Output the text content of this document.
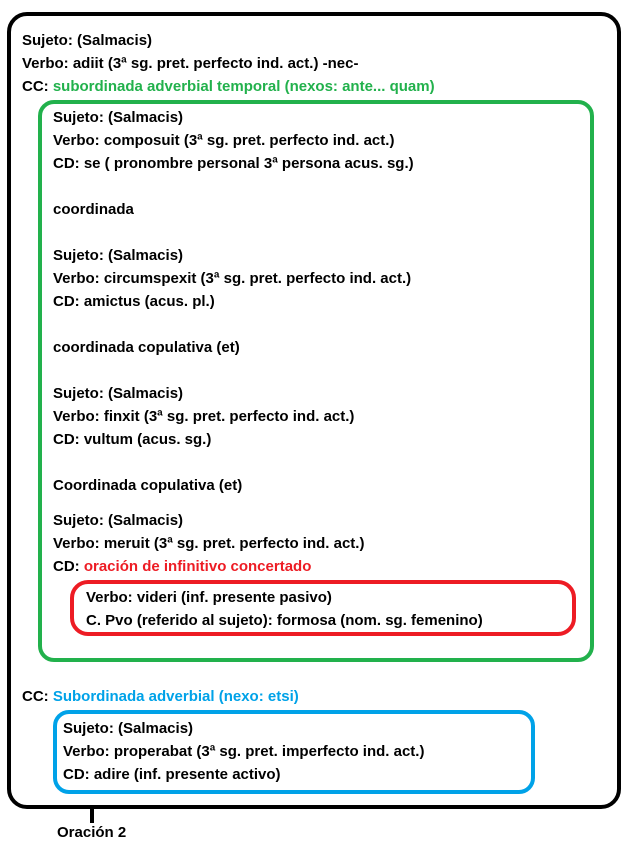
Sujeto: (Salmacis)
Verbo: adiit (3ª sg. pret. perfecto ind. act.) -nec-
CC: subordinada adverbial temporal (nexos: ante... quam)
Sujeto: (Salmacis)
Verbo: composuit (3ª sg. pret. perfecto ind. act.)
CD: se ( pronombre personal 3ª persona acus. sg.)
coordinada
Sujeto: (Salmacis)
Verbo: circumspexit (3ª sg. pret. perfecto ind. act.)
CD: amictus (acus. pl.)
coordinada copulativa (et)
Sujeto: (Salmacis)
Verbo: finxit (3ª sg. pret. perfecto ind. act.)
CD: vultum (acus. sg.)
Coordinada copulativa (et)
Sujeto: (Salmacis)
Verbo: meruit (3ª sg. pret. perfecto ind. act.)
CD: oración de infinitivo concertado
Verbo: videri (inf. presente pasivo)
C. Pvo (referido al sujeto): formosa (nom. sg. femenino)
CC: Subordinada adverbial (nexo: etsi)
Sujeto: (Salmacis)
Verbo: properabat (3ª sg. pret. imperfecto ind. act.)
CD: adire (inf. presente activo)
Oración 2
